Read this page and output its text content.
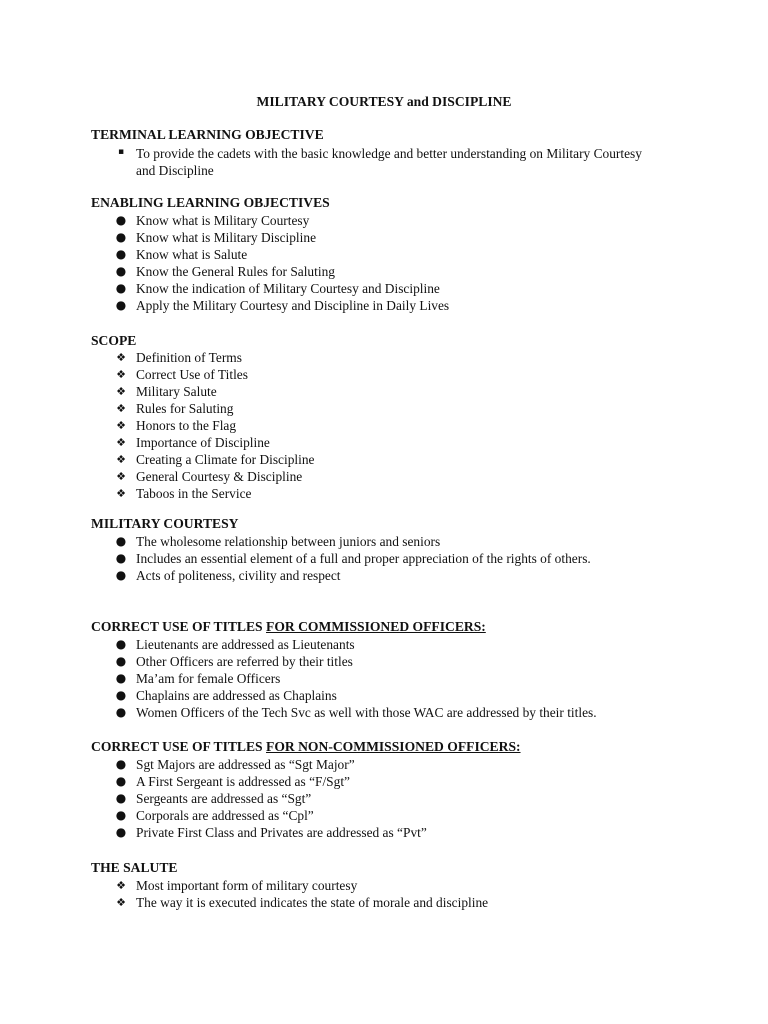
MILITARY COURTESY and DISCIPLINE
TERMINAL LEARNING OBJECTIVE
▪ To provide the cadets with the basic knowledge and better understanding on Military Courtesy and Discipline
ENABLING LEARNING OBJECTIVES
● Know what is Military Courtesy
● Know what is Military Discipline
● Know what is Salute
● Know the General Rules for Saluting
● Know the indication of Military Courtesy and Discipline
● Apply the Military Courtesy and Discipline in Daily Lives
SCOPE
❖ Definition of Terms
❖ Correct Use of Titles
❖ Military Salute
❖ Rules for Saluting
❖ Honors to the Flag
❖ Importance of Discipline
❖ Creating a Climate for Discipline
❖ General Courtesy & Discipline
❖ Taboos in the Service
MILITARY COURTESY
● The wholesome relationship between juniors and seniors
● Includes an essential element of a full and proper appreciation of the rights of others.
● Acts of politeness, civility and respect
CORRECT USE OF TITLES FOR COMMISSIONED OFFICERS:
● Lieutenants are addressed as Lieutenants
● Other Officers are referred by their titles
● Ma’am for female Officers
● Chaplains are addressed as Chaplains
● Women Officers of the Tech Svc as well with those WAC are addressed by their titles.
CORRECT USE OF TITLES FOR NON-COMMISSIONED OFFICERS:
● Sgt Majors are addressed as “Sgt Major”
● A First Sergeant is addressed as “F/Sgt”
● Sergeants are addressed as “Sgt”
● Corporals are addressed as “Cpl”
● Private First Class and Privates are addressed as “Pvt”
THE SALUTE
❖ Most important form of military courtesy
❖ The way it is executed indicates the state of morale and discipline
